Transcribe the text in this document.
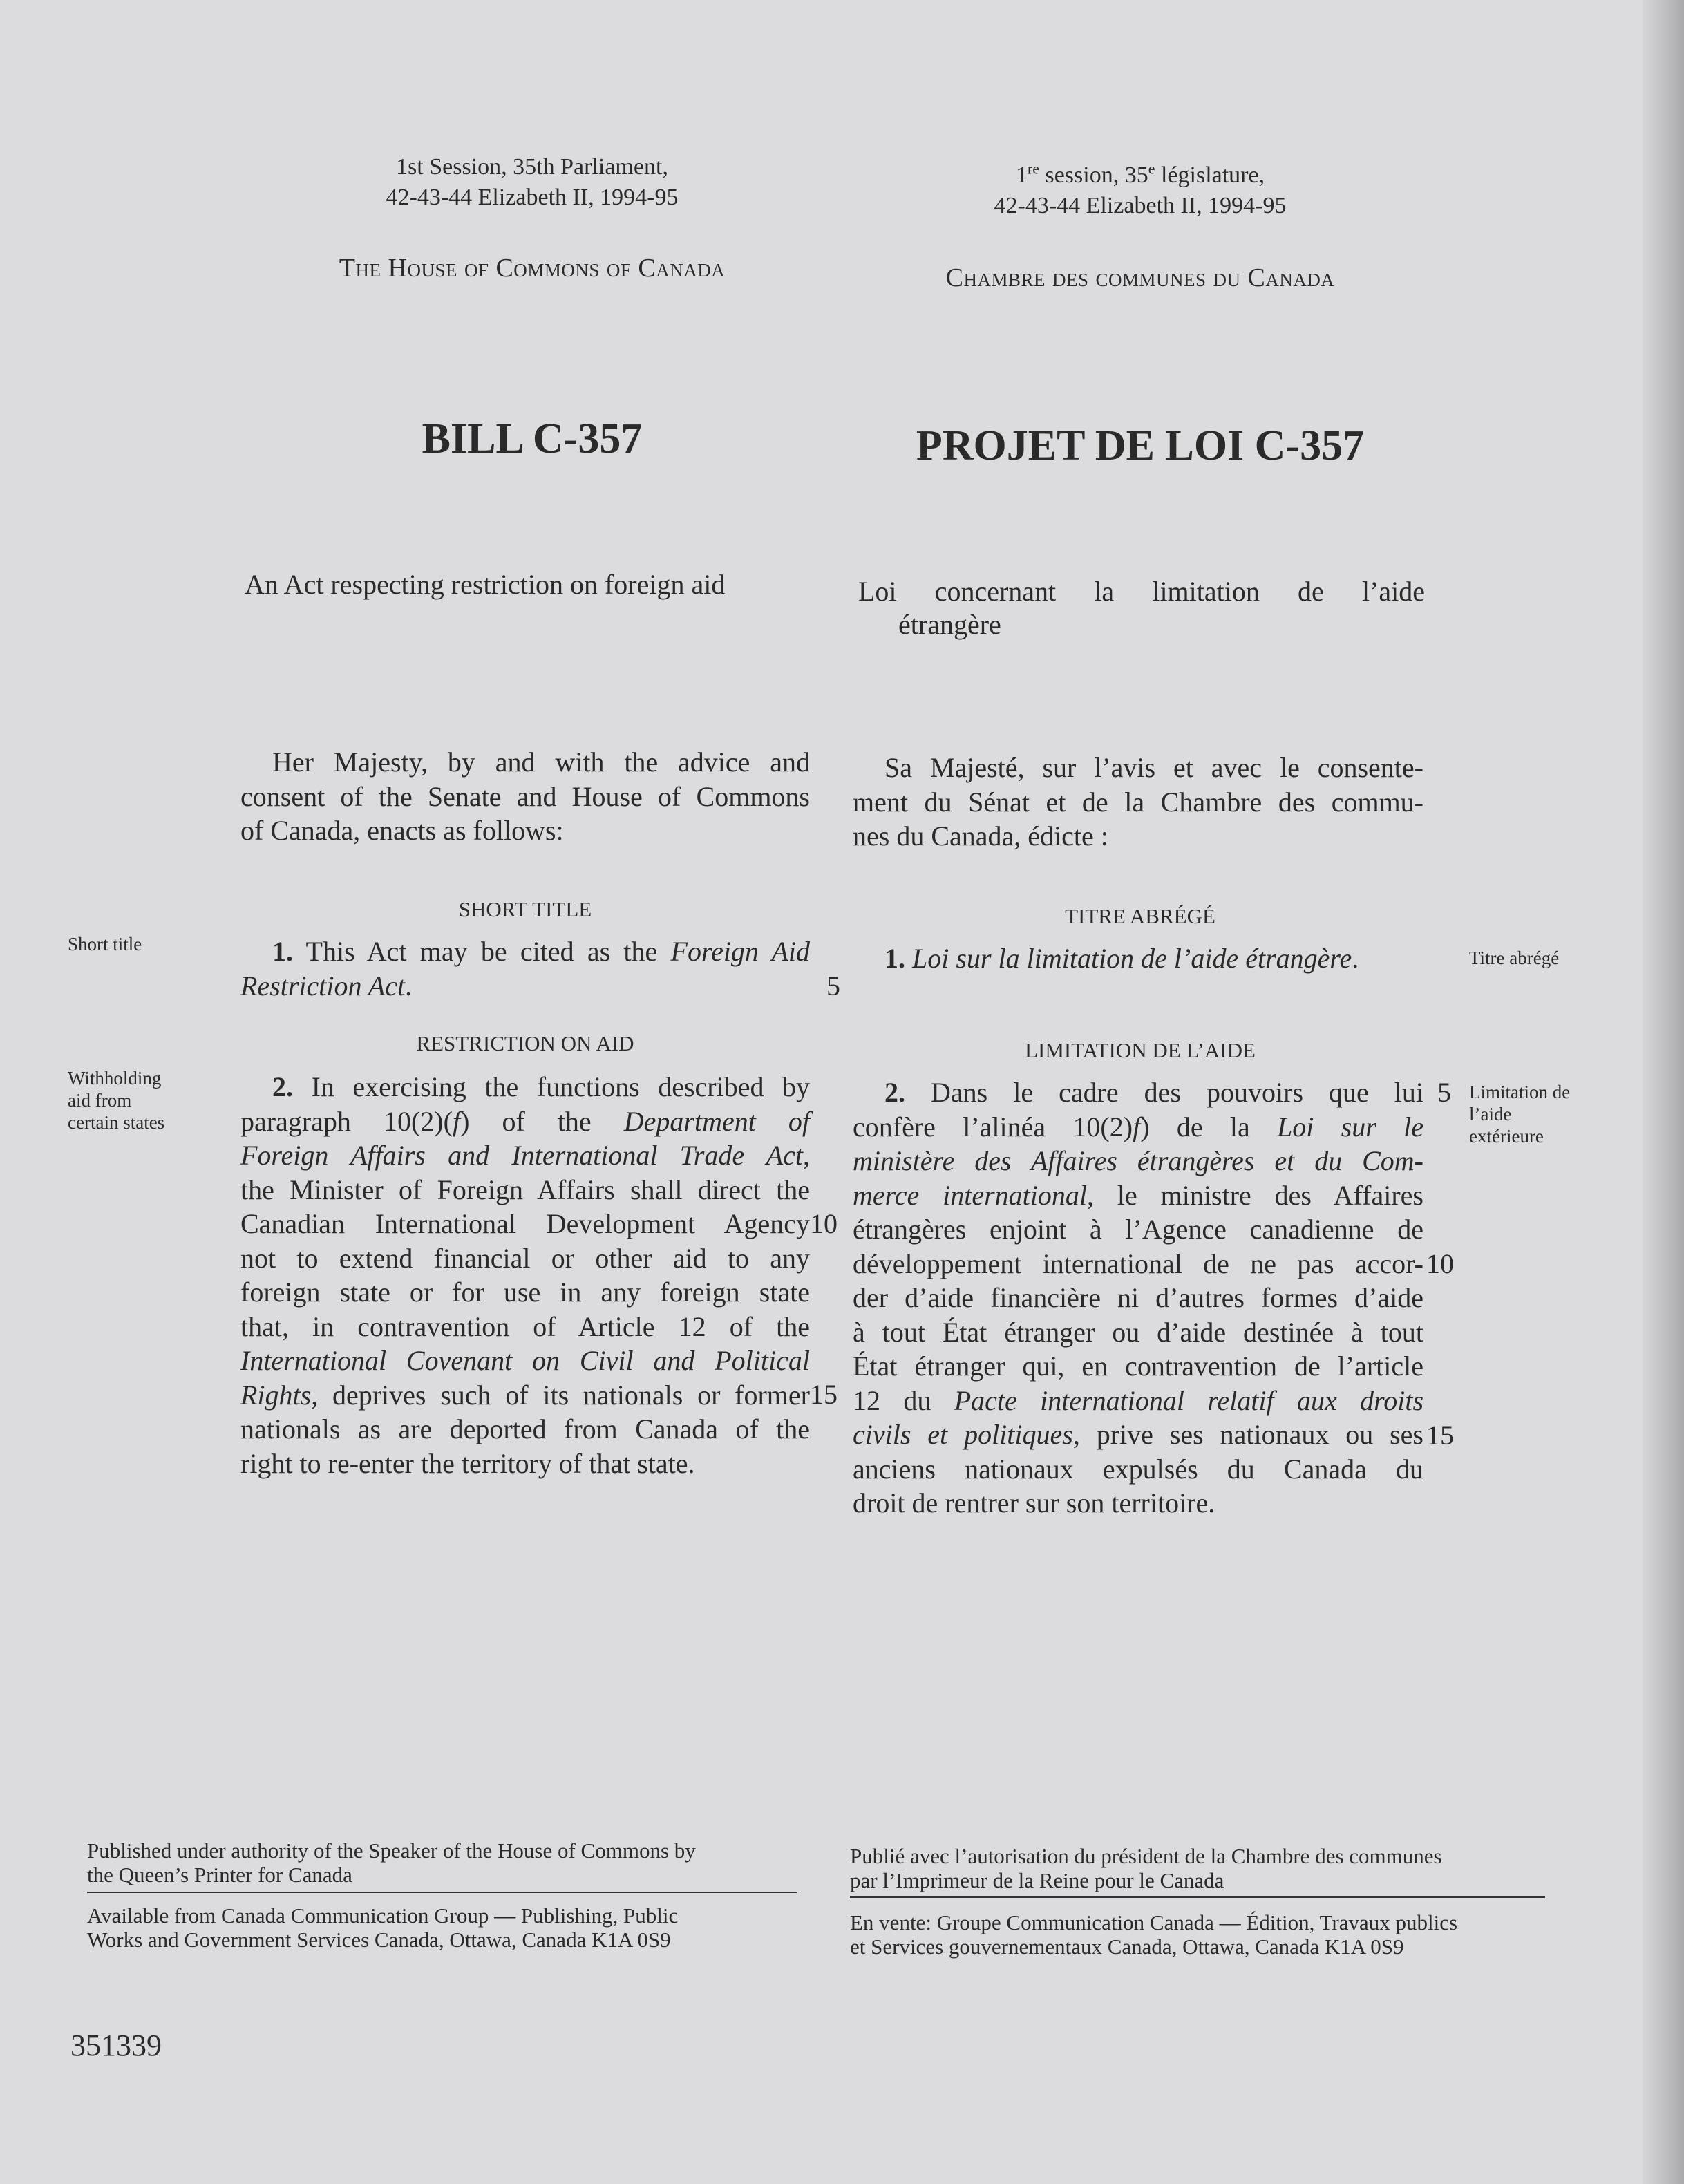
1st Session, 35th Parliament,
42-43-44 Elizabeth II, 1994-95
The House of Commons of Canada
BILL C-357
An Act respecting restriction on foreign aid
1re session, 35e législature,
42-43-44 Elizabeth II, 1994-95
Chambre des communes du Canada
PROJET DE LOI C-357
Loi concernant la limitation de l’aide
étrangère
Her Majesty, by and with the advice and
consent of the Senate and House of Commons
of Canada, enacts as follows:
Sa Majesté, sur l’avis et avec le consente-
ment du Sénat et de la Chambre des commu-
nes du Canada, édicte :
SHORT TITLE	TITRE ABRÉGÉ
Short title
Titre abrégé
1. This Act may be cited as the Foreign Aid
Restriction Act.	5
1. Loi sur la limitation de l’aide étrangère.
RESTRICTION ON AID	LIMITATION DE L’AIDE
Withholding
aid from
certain states
Limitation de
l’aide
extérieure
2. In exercising the functions described by
paragraph 10(2)(f) of the Department of
Foreign Affairs and International Trade Act,
the Minister of Foreign Affairs shall direct the
Canadian International Development Agency
not to extend financial or other aid to any
foreign state or for use in any foreign state
that, in contravention of Article 12 of the
International Covenant on Civil and Political
Rights, deprives such of its nationals or former
nationals as are deported from Canada of the
right to re-enter the territory of that state.
10
15
2. Dans le cadre des pouvoirs que lui
confère l’alinéa 10(2)f) de la Loi sur le
ministère des Affaires étrangères et du Com-
merce international, le ministre des Affaires
étrangères enjoint à l’Agence canadienne de
développement international de ne pas accor-
der d’aide financière ni d’autres formes d’aide
à tout État étranger ou d’aide destinée à tout
État étranger qui, en contravention de l’article
12 du Pacte international relatif aux droits
civils et politiques, prive ses nationaux ou ses
anciens nationaux expulsés du Canada du
droit de rentrer sur son territoire.
5
10
15
Published under authority of the Speaker of the House of Commons by
the Queen’s Printer for Canada
Available from Canada Communication Group — Publishing, Public
Works and Government Services Canada, Ottawa, Canada K1A 0S9
Publié avec l’autorisation du président de la Chambre des communes
par l’Imprimeur de la Reine pour le Canada
En vente: Groupe Communication Canada — Édition, Travaux publics
et Services gouvernementaux Canada, Ottawa, Canada K1A 0S9
351339
